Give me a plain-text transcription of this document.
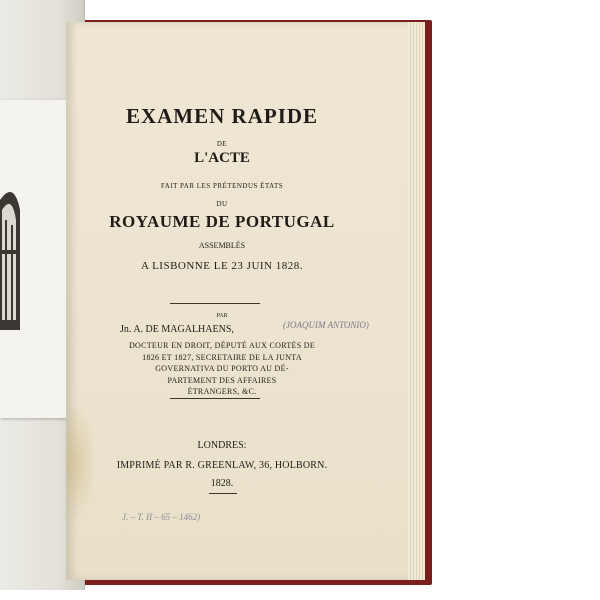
EXAMEN RAPIDE
DE
L'ACTE
FAIT PAR LES PRÉTENDUS ÉTATS
DU
ROYAUME DE PORTUGAL
ASSEMBLÉS
A LISBONNE LE 23 JUIN 1828.
PAR
Jn. A. DE MAGALHAENS,	(JOAQUIM ANTONIO)
DOCTEUR EN DROIT, DÉPUTÉ AUX CORTÈS DE
1826 ET 1827, SECRETAIRE DE LA JUNTA
GOVERNATIVA DU PORTO AU DÉ-
PARTEMENT DES AFFAIRES
ÉTRANGERS, &C.
LONDRES:
IMPRIMÉ PAR R. GREENLAW, 36, HOLBORN.
1828.
J. – T. II – 65 – 1462)
